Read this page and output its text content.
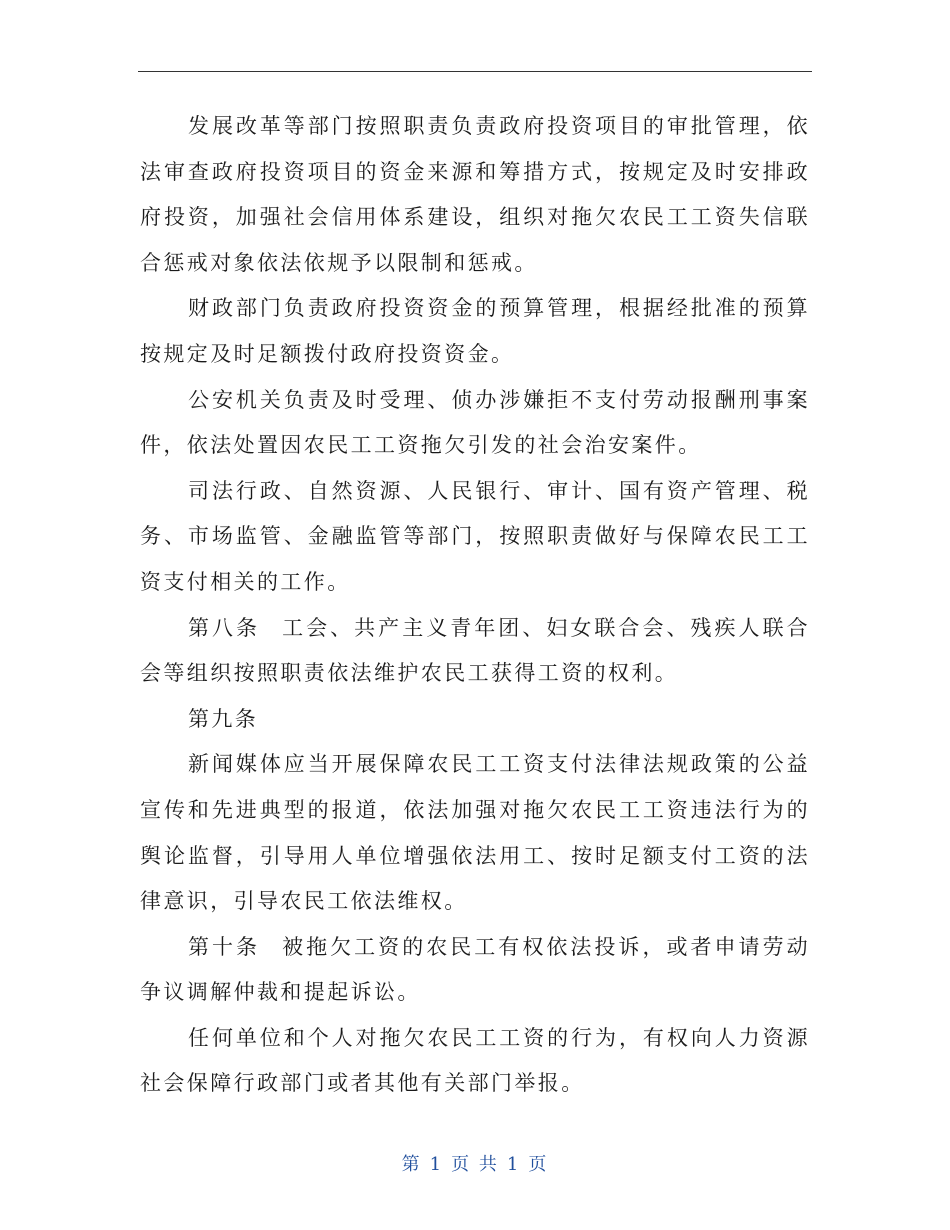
发展改革等部门按照职责负责政府投资项目的审批管理，依法审查政府投资项目的资金来源和筹措方式，按规定及时安排政府投资，加强社会信用体系建设，组织对拖欠农民工工资失信联合惩戒对象依法依规予以限制和惩戒。

财政部门负责政府投资资金的预算管理，根据经批准的预算按规定及时足额拨付政府投资资金。

公安机关负责及时受理、侦办涉嫌拒不支付劳动报酬刑事案件，依法处置因农民工工资拖欠引发的社会治安案件。

司法行政、自然资源、人民银行、审计、国有资产管理、税务、市场监管、金融监管等部门，按照职责做好与保障农民工工资支付相关的工作。

第八条 工会、共产主义青年团、妇女联合会、残疾人联合会等组织按照职责依法维护农民工获得工资的权利。

第九条

新闻媒体应当开展保障农民工工资支付法律法规政策的公益宣传和先进典型的报道，依法加强对拖欠农民工工资违法行为的舆论监督，引导用人单位增强依法用工、按时足额支付工资的法律意识，引导农民工依法维权。

第十条 被拖欠工资的农民工有权依法投诉，或者申请劳动争议调解仲裁和提起诉讼。

任何单位和个人对拖欠农民工工资的行为，有权向人力资源社会保障行政部门或者其他有关部门举报。

第 1 页 共 1 页
